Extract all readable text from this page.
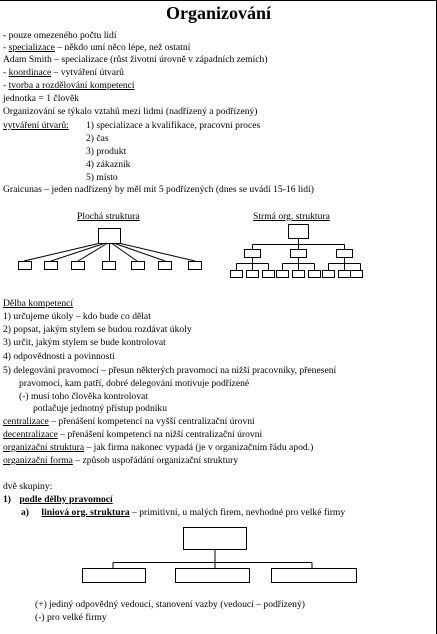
Organizování
- pouze omezeného počtu lidí
- specializace – někdo umí něco lépe, než ostatní
Adam Smith – specializace (růst životní úrovně v západních zemích)
- koordinace – vytváření útvarů
- tvorba a rozdělování kompetencí
jednotka = 1 člověk
Organizování se týkalo vztahů mezi lidmi (nadřízený a podřízený)
vytváření útvarů: 1) specializace a kvalifikace, pracovní proces
2) čas
3) produkt
4) zákazník
5) místo
Graicunas – jeden nadřízený by měl mít 5 podřízených (dnes se uvádí 15-16 lidí)
Plochá struktura	Strmá org. struktura
Dělba kompetencí
1) určujeme úkoly – kdo bude co dělat
2) popsat, jakým stylem se budou rozdávat úkoly
3) určit, jakým stylem se bude kontrolovat
4) odpovědnosti a povinnosti
5) delegování pravomocí – přesun některých pravomocí na nižší pracovníky, přenesení
pravomoci, kam patří, dobré delegování motivuje podřízené
(-) musí toho člověka kontrolovat
potlačuje jednotný přístup podniku
centralizace – přenášení kompetencí na vyšší centralizační úrovni
decentralizace – přenášení kompetencí na nižší centralizační úrovni
organizační struktura – jak firma nakonec vypadá (je v organizačním řádu apod.)
organizační forma – způsob uspořádání organizační struktury
dvě skupiny:
1) podle dělby pravomocí
a) liniová org. struktura – primitivní, u malých firem, nevhodné pro velké firmy
(+) jediný odpovědný vedoucí, stanovení vazby (vedoucí – podřízený)
(-) pro velké firmy
